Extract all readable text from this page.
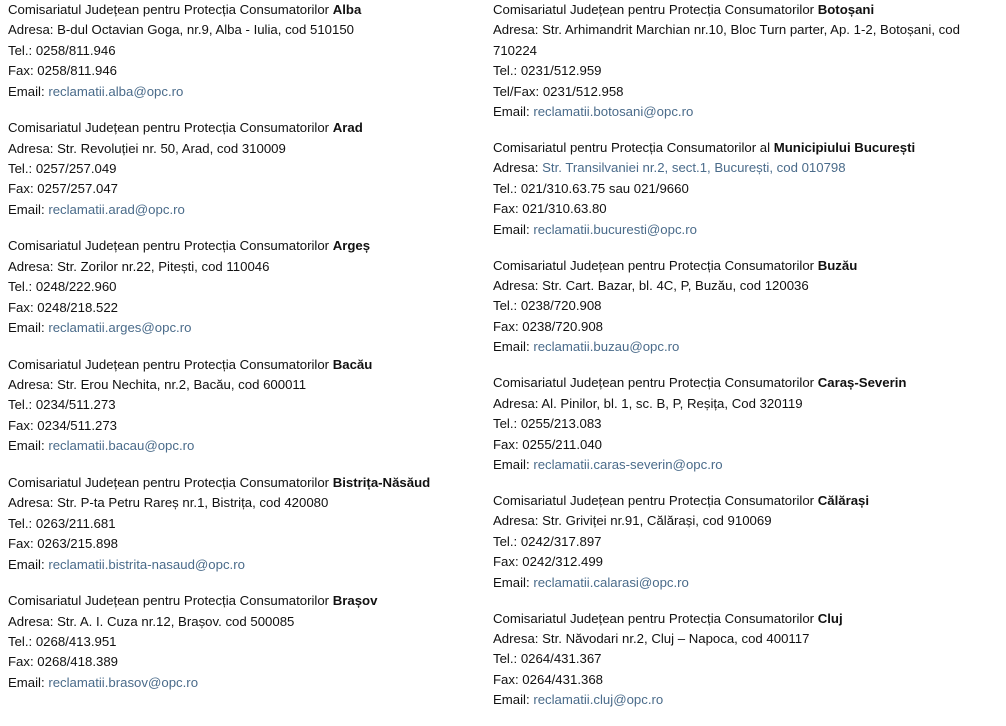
Comisariatul Județean pentru Protecția Consumatorilor Alba

Adresa: B-dul Octavian Goga, nr.9, Alba - Iulia, cod 510150

Tel.: 0258/811.946

Fax: 0258/811.946

Email: reclamatii.alba@opc.ro

Comisariatul Județean pentru Protecția Consumatorilor Arad

Adresa: Str. Revoluției nr. 50, Arad, cod 310009

Tel.: 0257/257.049

Fax: 0257/257.047

Email: reclamatii.arad@opc.ro

Comisariatul Județean pentru Protecția Consumatorilor Argeș

Adresa: Str. Zorilor nr.22, Pitești, cod 110046

Tel.: 0248/222.960

Fax: 0248/218.522

Email: reclamatii.arges@opc.ro

Comisariatul Județean pentru Protecția Consumatorilor Bacău

Adresa: Str. Erou Nechita, nr.2, Bacău, cod 600011

Tel.: 0234/511.273

Fax: 0234/511.273

Email: reclamatii.bacau@opc.ro

Comisariatul Județean pentru Protecția Consumatorilor Bistrița-Năsăud

Adresa: Str. P-ta Petru Rareș nr.1, Bistrița, cod 420080

Tel.: 0263/211.681

Fax: 0263/215.898

Email: reclamatii.bistrita-nasaud@opc.ro

Comisariatul Județean pentru Protecția Consumatorilor Brașov

Adresa: Str. A. I. Cuza nr.12, Brașov. cod 500085

Tel.: 0268/413.951

Fax: 0268/418.389

Email: reclamatii.brasov@opc.ro

Comisariatul Județean pentru Protecția Consumatorilor Botoșani

Adresa: Str. Arhimandrit Marchian nr.10, Bloc Turn parter, Ap. 1-2, Botoșani, cod 710224

Tel.: 0231/512.959

Tel/Fax: 0231/512.958

Email: reclamatii.botosani@opc.ro

Comisariatul pentru Protecția Consumatorilor al Municipiului București

Adresa: Str. Transilvaniei nr.2, sect.1, București, cod 010798

Tel.: 021/310.63.75 sau 021/9660

Fax: 021/310.63.80

Email: reclamatii.bucuresti@opc.ro

Comisariatul Județean pentru Protecția Consumatorilor Buzău

Adresa: Str. Cart. Bazar, bl. 4C, P, Buzău, cod 120036

Tel.: 0238/720.908

Fax: 0238/720.908

Email: reclamatii.buzau@opc.ro

Comisariatul Județean pentru Protecția Consumatorilor Caraș-Severin

Adresa: Al. Pinilor, bl. 1, sc. B, P, Reșița, Cod 320119

Tel.: 0255/213.083

Fax: 0255/211.040

Email: reclamatii.caras-severin@opc.ro

Comisariatul Județean pentru Protecția Consumatorilor Călărași

Adresa: Str. Griviței nr.91, Călărași, cod 910069

Tel.: 0242/317.897

Fax: 0242/312.499

Email: reclamatii.calarasi@opc.ro

Comisariatul Județean pentru Protecția Consumatorilor Cluj

Adresa: Str. Năvodari nr.2, Cluj – Napoca, cod 400117

Tel.: 0264/431.367

Fax: 0264/431.368

Email: reclamatii.cluj@opc.ro
